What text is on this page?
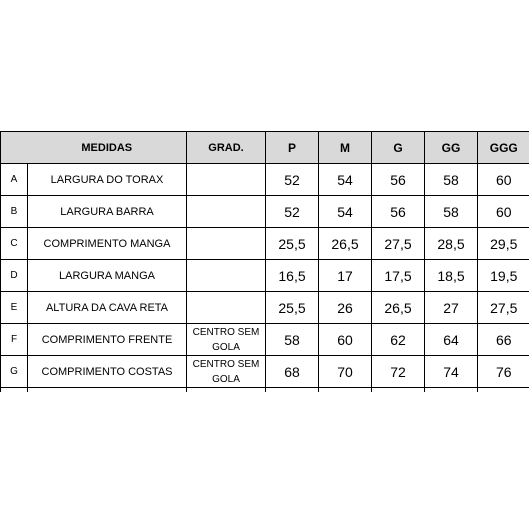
	MEDIDAS	GRAD.	P	M	G	GG	GGG
A	LARGURA DO TORAX		52	54	56	58	60
B	LARGURA BARRA		52	54	56	58	60
C	COMPRIMENTO MANGA		25,5	26,5	27,5	28,5	29,5
D	LARGURA MANGA		16,5	17	17,5	18,5	19,5
E	ALTURA DA CAVA RETA		25,5	26	26,5	27	27,5
F	COMPRIMENTO FRENTE	CENTRO SEM GOLA	58	60	62	64	66
G	COMPRIMENTO COSTAS	CENTRO SEM GOLA	68	70	72	74	76
